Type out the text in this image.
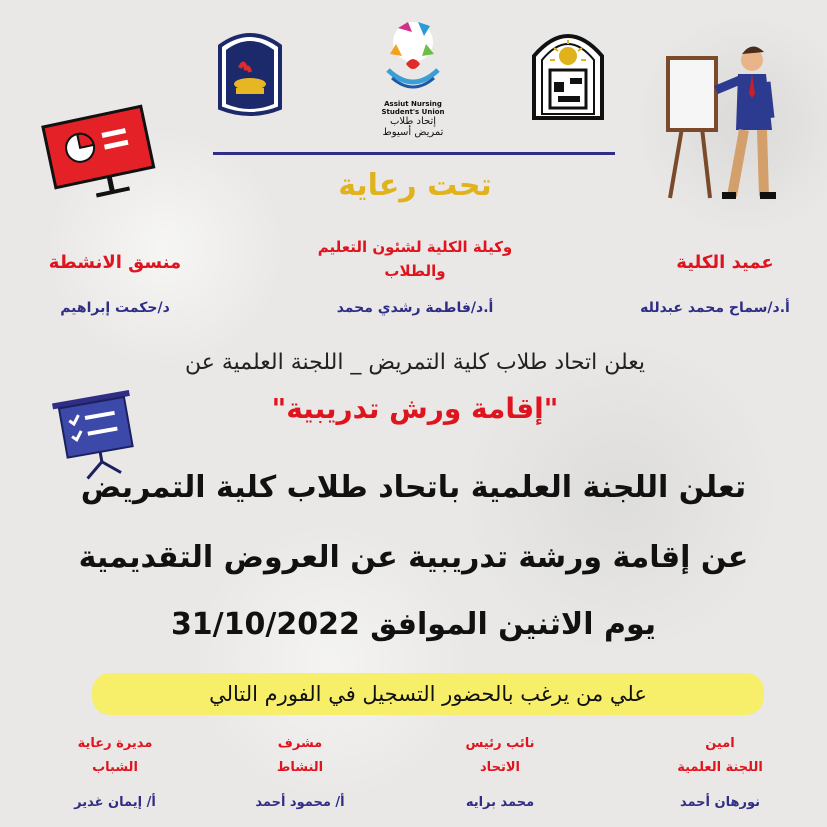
Assiut Nursing Student's Union
إتحاد طلاب
تمريض أسيوط
تحت رعاية
عميد الكلية
أ.د/سماح محمد عبدلله
وكيلة الكلية لشئون التعليم
والطلاب
أ.د/فاطمة رشدي محمد
منسق الانشطة
د/حكمت إبراهيم
يعلن اتحاد طلاب كلية التمريض _ اللجنة العلمية عن
"إقامة ورش تدريبية"
تعلن اللجنة العلمية باتحاد طلاب كلية التمريض
عن إقامة ورشة تدريبية عن العروض التقديمية
يوم الاثنين الموافق 31/10/2022
علي من يرغب بالحضور التسجيل في الفورم التالي
امين
اللجنة العلمية
نورهان أحمد
نائب رئيس
الاتحاد
محمد برايه
مشرف
النشاط
أ/ محمود أحمد
مديرة رعاية
الشباب
أ/ إيمان غدير
